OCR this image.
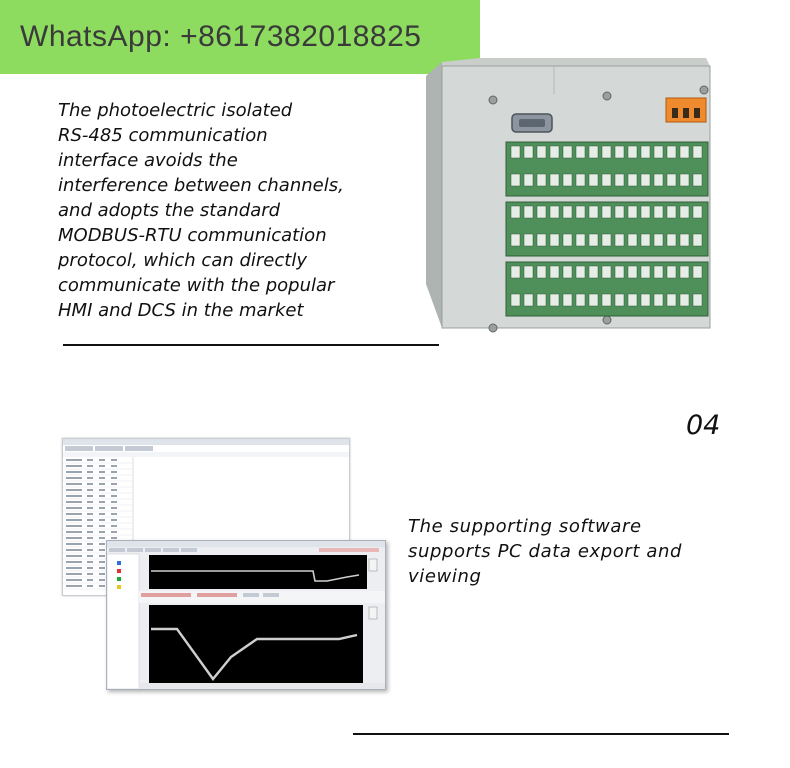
WhatsApp: +8617382018825
The photoelectric isolated
RS-485 communication
interface avoids the
interference between channels,
and adopts the standard
MODBUS-RTU communication
protocol, which can directly
communicate with the popular
HMI and DCS in the market
04
The supporting software
supports PC data export and
viewing
